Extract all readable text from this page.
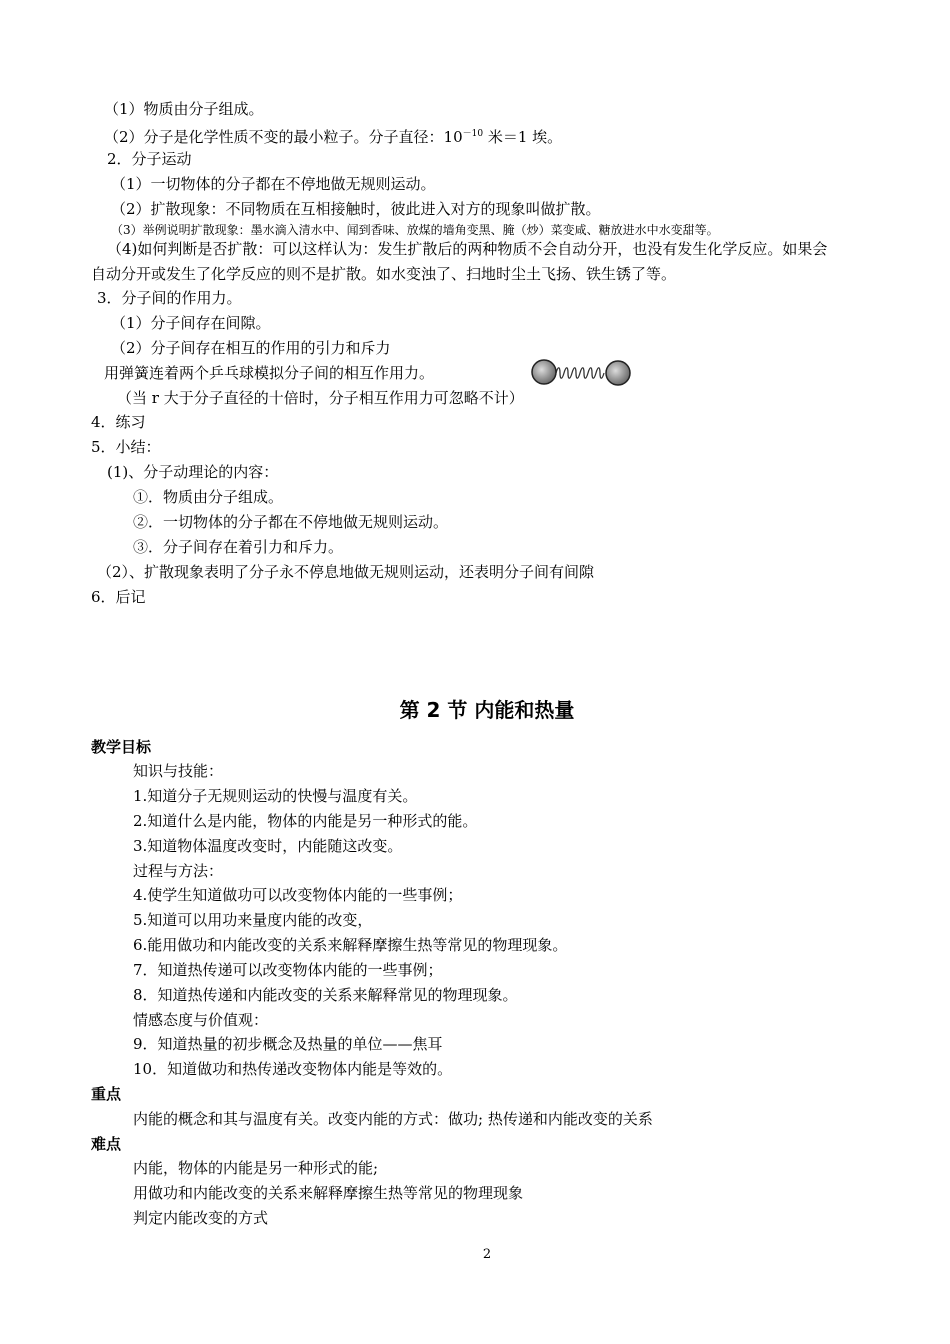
（1）物质由分子组成。
（2）分子是化学性质不变的最小粒子。分子直径：$10^{-10}$ 米＝1 埃。
2．分子运动
（1）一切物体的分子都在不停地做无规则运动。
（2）扩散现象：不同物质在互相接触时，彼此进入对方的现象叫做扩散。
（3）举例说明扩散现象：墨水滴入清水中、闻到香味、放煤的墙角变黑、腌（炒）菜变咸、糖放进水中水变甜等。
（4)如何判断是否扩散：可以这样认为：发生扩散后的两种物质不会自动分开，也没有发生化学反应。如果会
自动分开或发生了化学反应的则不是扩散。如水变浊了、扫地时尘土飞扬、铁生锈了等。
3．分子间的作用力。
（1）分子间存在间隙。
（2）分子间存在相互的作用的引力和斥力
用弹簧连着两个乒乓球模拟分子间的相互作用力。
（当 r 大于分子直径的十倍时，分子相互作用力可忽略不计）
4．练习
5．小结：
(1)、分子动理论的内容：
①．物质由分子组成。
②．一切物体的分子都在不停地做无规则运动。
③．分子间存在着引力和斥力。
（2）、扩散现象表明了分子永不停息地做无规则运动，还表明分子间有间隙
6．后记
第 2 节 内能和热量
教学目标
知识与技能：
1.知道分子无规则运动的快慢与温度有关。
2.知道什么是内能，物体的内能是另一种形式的能。
3.知道物体温度改变时，内能随这改变。
过程与方法：
4.使学生知道做功可以改变物体内能的一些事例；
5.知道可以用功来量度内能的改变，
6.能用做功和内能改变的关系来解释摩擦生热等常见的物理现象。
7．知道热传递可以改变物体内能的一些事例；
8．知道热传递和内能改变的关系来解释常见的物理现象。
情感态度与价值观：
9．知道热量的初步概念及热量的单位——焦耳
10．知道做功和热传递改变物体内能是等效的。
重点
内能的概念和其与温度有关。改变内能的方式：做功; 热传递和内能改变的关系
难点
内能，物体的内能是另一种形式的能;
用做功和内能改变的关系来解释摩擦生热等常见的物理现象
判定内能改变的方式
2
